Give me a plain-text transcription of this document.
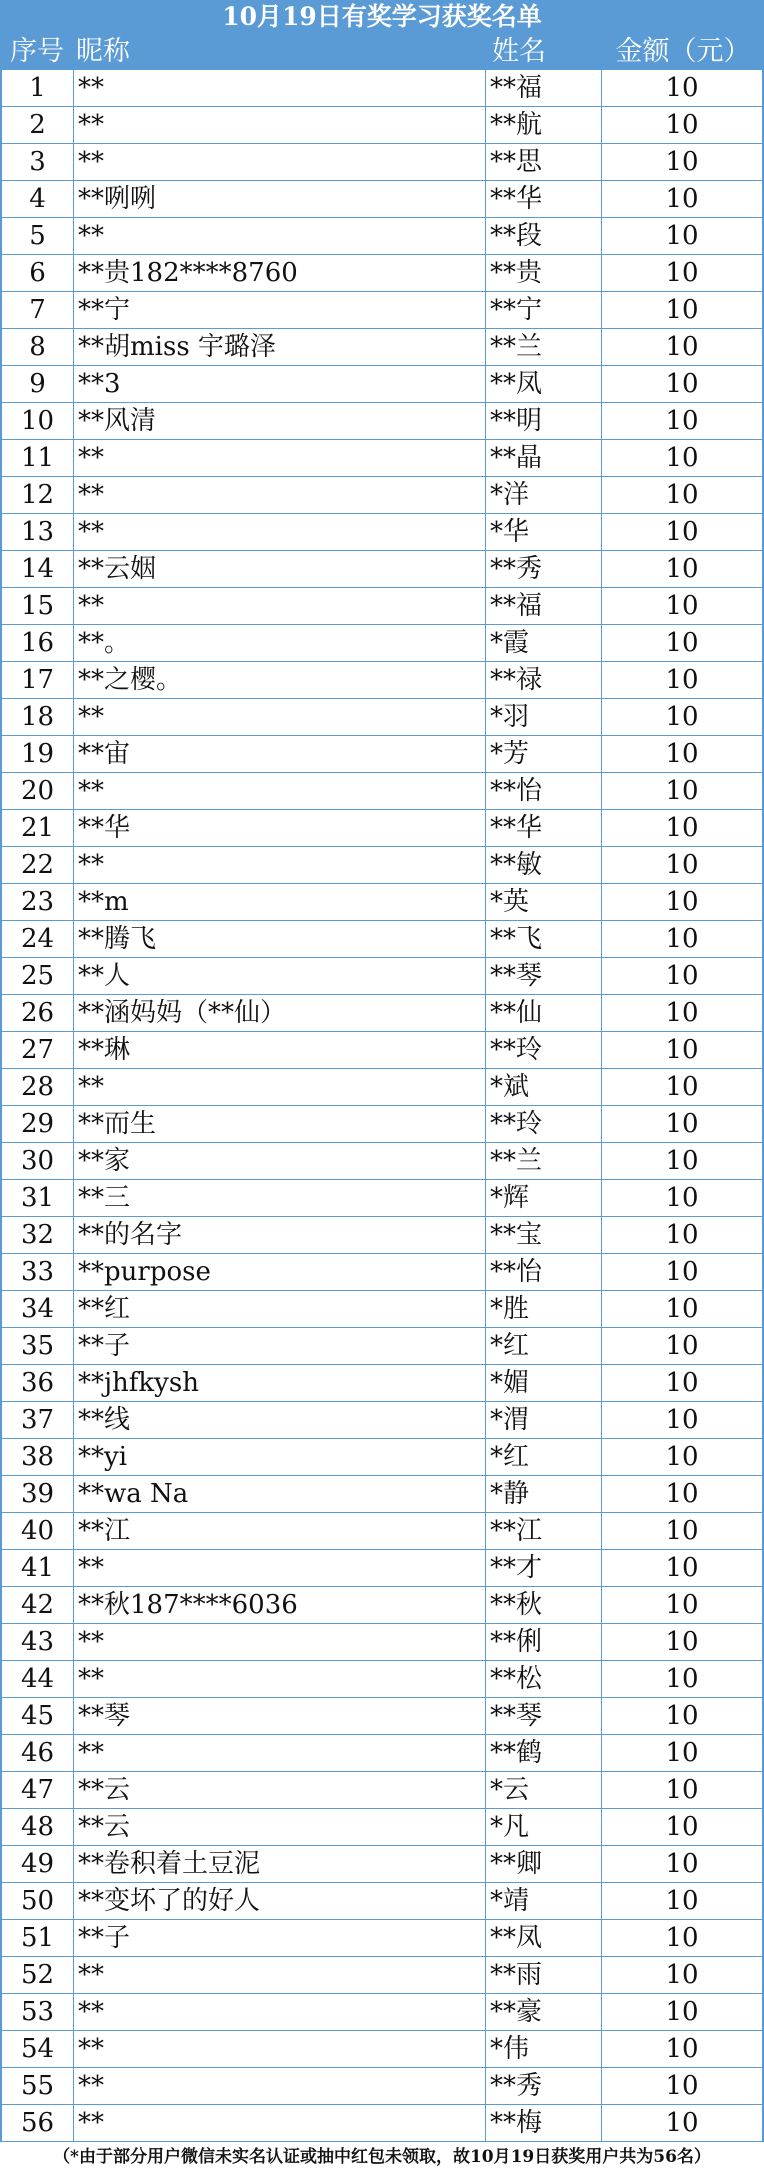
10月19日有奖学习获奖名单
序号 昵称	姓名	金额（元）
1	**	**福	10
2	**	**航	10
3	**	**思	10
4	**咧咧	**华	10
5	**	**段	10
6	**贵182****8760	**贵	10
7	**宁	**宁	10
8	**胡miss 宇璐泽	**兰	10
9	**3	**凤	10
10 **风清	**明	10
11 **	**晶	10
12 **	*洋	10
13 **	*华	10
14 **云姻	**秀	10
15 **	**福	10
16 **。	*霞	10
17 **之樱。	**禄	10
18 **	*羽	10
19 **宙	*芳	10
20 **	**怡	10
21 **华	**华	10
22 **	**敏	10
23 **m	*英	10
24 **腾飞	**飞	10
25 **人	**琴	10
26 **涵妈妈（**仙）	**仙	10
27 **琳	**玲	10
28 **	*斌	10
29 **而生	**玲	10
30 **家	**兰	10
31 **三	*辉	10
32 **的名字	**宝	10
33 **purpose	**怡	10
34 **红	*胜	10
35 **子	*红	10
36 **jhfkysh	*媚	10
37 **线	*渭	10
38 **yi	*红	10
39 **wa Na	*静	10
40 **江	**江	10
41 **	**才	10
42 **秋187****6036	**秋	10
43 **	**俐	10
44 **	**松	10
45 **琴	**琴	10
46 **	**鹤	10
47 **云	*云	10
48 **云	*凡	10
49 **卷积着土豆泥	**卿	10
50 **变坏了的好人	*靖	10
51 **子	**凤	10
52 **	**雨	10
53 **	**豪	10
54 **	*伟	10
55 **	**秀	10
56 **	**梅	10
（*由于部分用户微信未实名认证或抽中红包未领取，故10月19日获奖用户共为56名）
